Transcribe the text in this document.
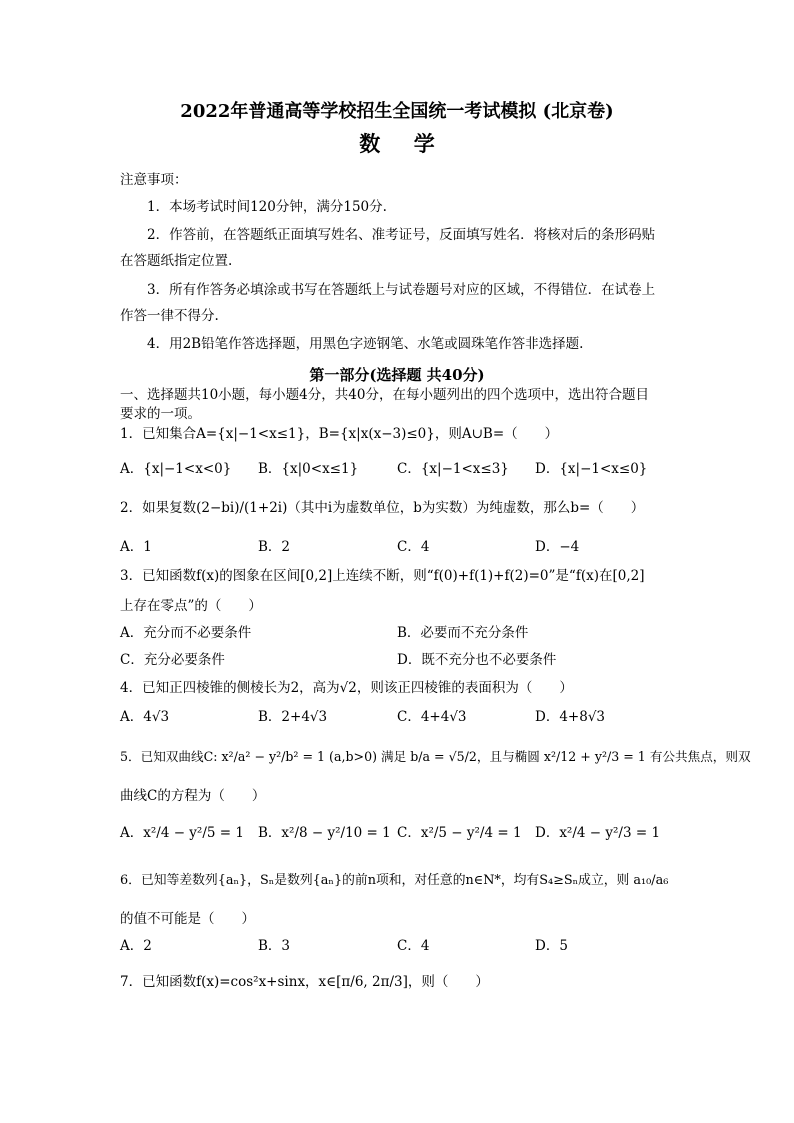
2022年普通高等学校招生全国统一考试模拟 (北京卷)
数学
注意事项：
1．本场考试时间120分钟，满分150分.
2．作答前，在答题纸正面填写姓名、准考证号，反面填写姓名．将核对后的条形码贴
在答题纸指定位置.
3．所有作答务必填涂或书写在答题纸上与试卷题号对应的区域，不得错位．在试卷上
作答一律不得分.
4．用2B铅笔作答选择题，用黑色字迹钢笔、水笔或圆珠笔作答非选择题.
第一部分(选择题 共40分)
一、选择题共10小题，每小题4分，共40分，在每小题列出的四个选项中，选出符合题目
要求的一项。
1．已知集合A={x|−1<x≤1}，B={x|x(x−3)≤0}，则A∪B=（　　）
A．{x|−1<x<0} B．{x|0<x≤1}	C．{x|−1<x≤3} D．{x|−1<x≤0}
2．如果复数(2−bi)/(1+2i)（其中i为虚数单位，b为实数）为纯虚数，那么b=（　　）
A．1	B．2	C．4	D．−4
3．已知函数f(x)的图象在区间[0,2]上连续不断，则“f(0)+f(1)+f(2)=0”是“f(x)在[0,2]
上存在零点”的（　　）
A．充分而不必要条件	B．必要而不充分条件
C．充分必要条件	D．既不充分也不必要条件
4．已知正四棱锥的侧棱长为2，高为√2，则该正四棱锥的表面积为（　　）
A．4√3	B．2+4√3	C．4+4√3	D．4+8√3
5．已知双曲线C: x²/a² − y²/b² = 1 (a,b>0) 满足 b/a = √5/2，且与椭圆 x²/12 + y²/3 = 1 有公共焦点，则双
曲线C的方程为（　　）
A．x²/4 − y²/5 = 1 B．x²/8 − y²/10 = 1 C．x²/5 − y²/4 = 1 D．x²/4 − y²/3 = 1
6．已知等差数列{aₙ}，Sₙ是数列{aₙ}的前n项和，对任意的n∈N*，均有S₄≥Sₙ成立，则 a₁₀/a₆
的值不可能是（　　）
A．2	B．3	C．4	D．5
7．已知函数f(x)=cos²x+sinx，x∈[π/6, 2π/3]，则（　　）
